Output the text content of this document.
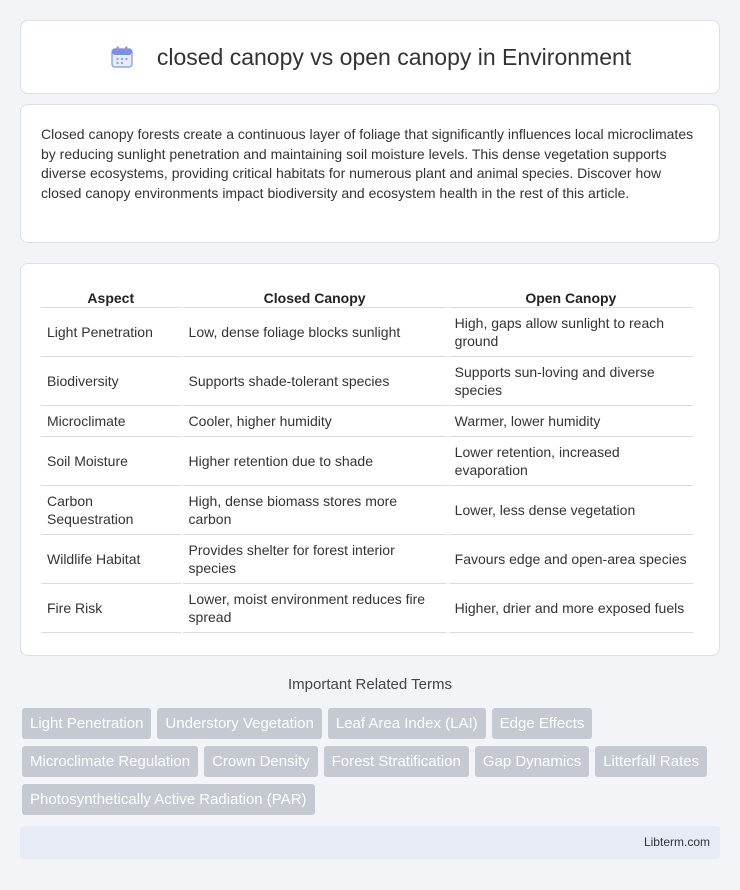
closed canopy vs open canopy in Environment

Closed canopy forests create a continuous layer of foliage that significantly influences local microclimates by reducing sunlight penetration and maintaining soil moisture levels. This dense vegetation supports diverse ecosystems, providing critical habitats for numerous plant and animal species. Discover how closed canopy environments impact biodiversity and ecosystem health in the rest of this article.

Aspect	Closed Canopy	Open Canopy
Light Penetration	Low, dense foliage blocks sunlight	High, gaps allow sunlight to reach ground
Biodiversity	Supports shade-tolerant species	Supports sun-loving and diverse species
Microclimate	Cooler, higher humidity	Warmer, lower humidity
Soil Moisture	Higher retention due to shade	Lower retention, increased evaporation
Carbon Sequestration	High, dense biomass stores more carbon	Lower, less dense vegetation
Wildlife Habitat	Provides shelter for forest interior species	Favours edge and open-area species
Fire Risk	Lower, moist environment reduces fire spread	Higher, drier and more exposed fuels
Important Related Terms
Light Penetration	Understory Vegetation	Leaf Area Index (LAI)	Edge Effects
Microclimate Regulation	Crown Density	Forest Stratification	Gap Dynamics	Litterfall Rates
Photosynthetically Active Radiation (PAR)
Libterm.com
